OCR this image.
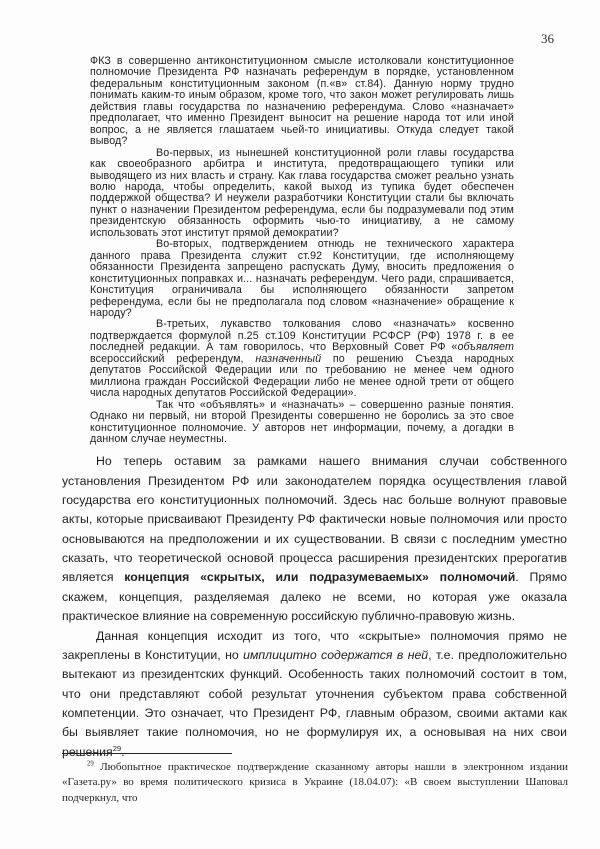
36

ФКЗ в совершенно антиконституционном смысле истолковали конституционное полномочие Президента РФ назначать референдум в порядке, установленном федеральным конституционным законом (п.«в» ст.84). Данную норму трудно понимать каким-то иным образом, кроме того, что закон может регулировать лишь действия главы государства по назначению референдума. Слово «назначает» предполагает, что именно Президент выносит на решение народа тот или иной вопрос, а не является глашатаем чьей-то инициативы. Откуда следует такой вывод?

Во-первых, из нынешней конституционной роли главы государства как своеобразного арбитра и института, предотвращающего тупики или выводящего из них власть и страну. Как глава государства сможет реально узнать волю народа, чтобы определить, какой выход из тупика будет обеспечен поддержкой общества? И неужели разработчики Конституции стали бы включать пункт о назначении Президентом референдума, если бы подразумевали под этим президентскую обязанность оформить чью-то инициативу, а не самому использовать этот институт прямой демократии?

Во-вторых, подтверждением отнюдь не технического характера данного права Президента служит ст.92 Конституции, где исполняющему обязанности Президента запрещено распускать Думу, вносить предложения о конституционных поправках и... назначать референдум. Чего ради, спрашивается, Конституция ограничивала бы исполняющего обязанности запретом референдума, если бы не предполагала под словом «назначение» обращение к народу?

В-третьих, лукавство толкования слово «назначать» косвенно подтверждается формулой п.25 ст.109 Конституции РСФСР (РФ) 1978 г. в ее последней редакции. А там говорилось, что Верховный Совет РФ «объявляет всероссийский референдум, назначенный по решению Съезда народных депутатов Российской Федерации или по требованию не менее чем одного миллиона граждан Российской Федерации либо не менее одной трети от общего числа народных депутатов Российской Федерации».

Так что «объявлять» и «назначать» – совершенно разные понятия. Однако ни первый, ни второй Президенты совершенно не боролись за это свое конституционное полномочие. У авторов нет информации, почему, а догадки в данном случае неуместны.

Но теперь оставим за рамками нашего внимания случаи собственного установления Президентом РФ или законодателем порядка осуществления главой государства его конституционных полномочий. Здесь нас больше волнуют правовые акты, которые присваивают Президенту РФ фактически новые полномочия или просто основываются на предположении и их существовании. В связи с последним уместно сказать, что теоретической основой процесса расширения президентских прерогатив является концепция «скрытых, или подразумеваемых» полномочий. Прямо скажем, концепция, разделяемая далеко не всеми, но которая уже оказала практическое влияние на современную российскую публично-правовую жизнь.

Данная концепция исходит из того, что «скрытые» полномочия прямо не закреплены в Конституции, но имплицитно содержатся в ней, т.е. предположительно вытекают из президентских функций. Особенность таких полномочий состоит в том, что они представляют собой результат уточнения субъектом права собственной компетенции. Это означает, что Президент РФ, главным образом, своими актами как бы выявляет такие полномочия, но не формулируя их, а основывая на них свои решения$^{29}$.

$^{29}$ Любопытное практическое подтверждение сказанному авторы нашли в электронном издании «Газета.ру» во время политического кризиса в Украине (18.04.07): «В своем выступлении Шаповал подчеркнул, что
